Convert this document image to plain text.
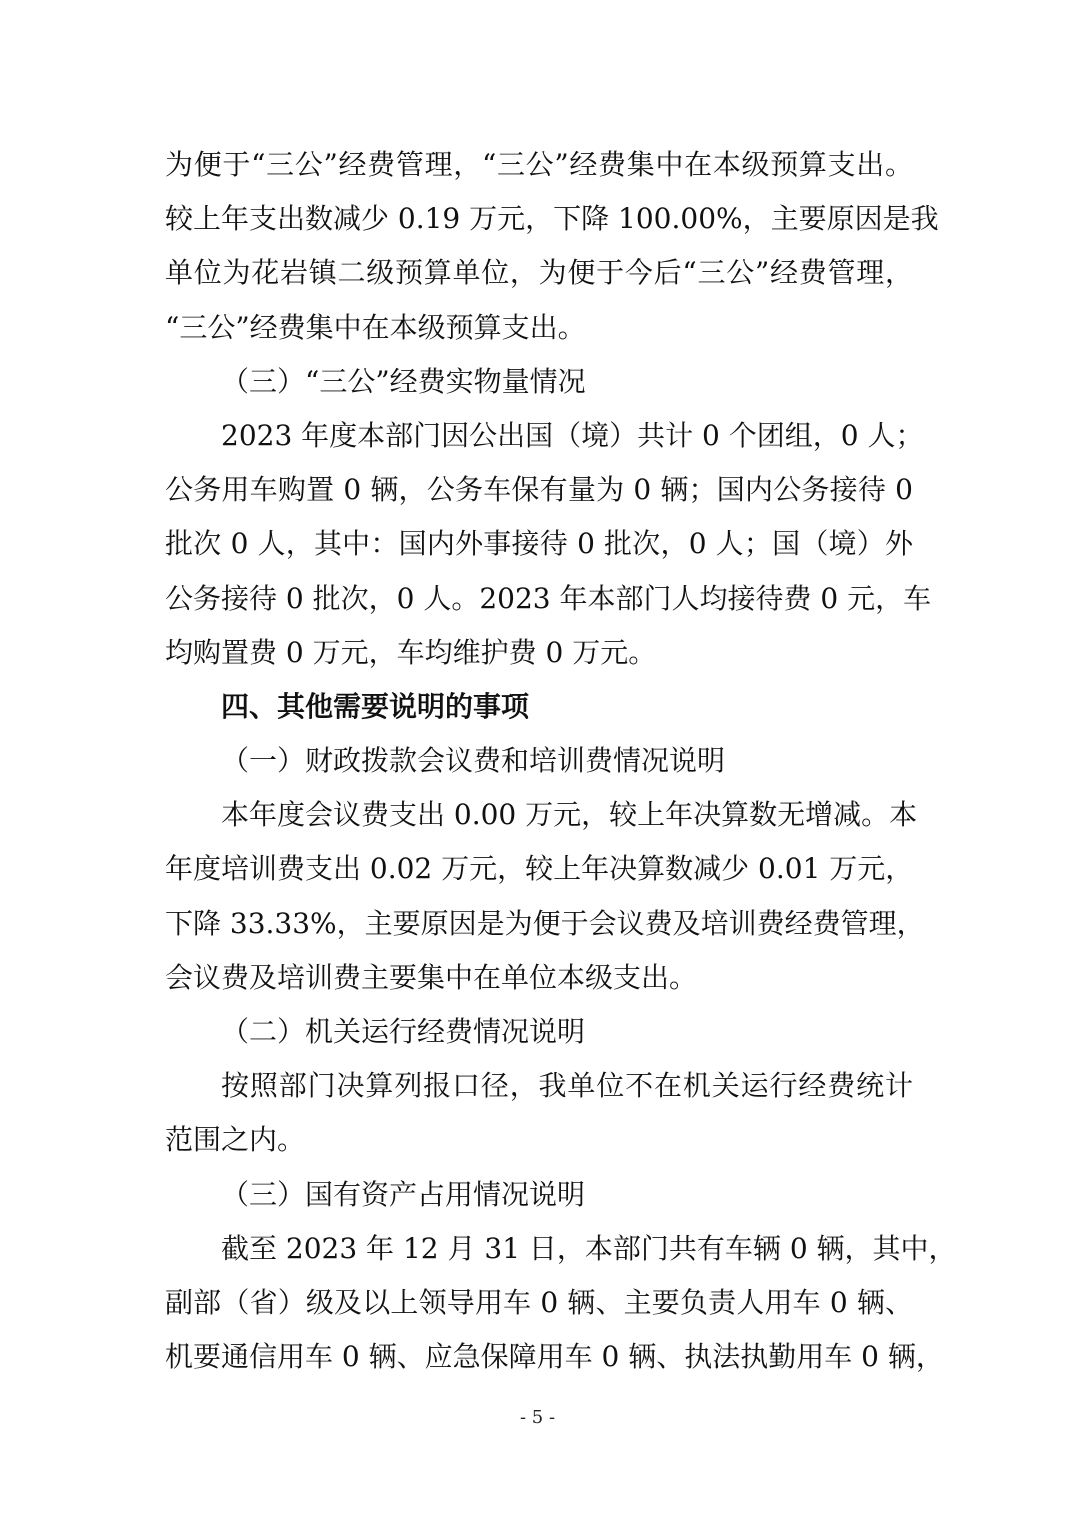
为便于“三公”经费管理，“三公”经费集中在本级预算支出。
较上年支出数减少 0.19 万元，下降 100.00%，主要原因是我
单位为花岩镇二级预算单位，为便于今后“三公”经费管理，
“三公”经费集中在本级预算支出。
（三）“三公”经费实物量情况
2023 年度本部门因公出国（境）共计 0 个团组，0 人；
公务用车购置 0 辆，公务车保有量为 0 辆；国内公务接待 0
批次 0 人，其中：国内外事接待 0 批次，0 人；国（境）外
公务接待 0 批次，0 人。2023 年本部门人均接待费 0 元，车
均购置费 0 万元，车均维护费 0 万元。
四、其他需要说明的事项
（一）财政拨款会议费和培训费情况说明
本年度会议费支出 0.00 万元，较上年决算数无增减。本
年度培训费支出 0.02 万元，较上年决算数减少 0.01 万元，
下降 33.33%，主要原因是为便于会议费及培训费经费管理，
会议费及培训费主要集中在单位本级支出。
（二）机关运行经费情况说明
按照部门决算列报口径，我单位不在机关运行经费统计
范围之内。
（三）国有资产占用情况说明
截至 2023 年 12 月 31 日，本部门共有车辆 0 辆，其中，
副部（省）级及以上领导用车 0 辆、主要负责人用车 0 辆、
机要通信用车 0 辆、应急保障用车 0 辆、执法执勤用车 0 辆，
- 5 -
